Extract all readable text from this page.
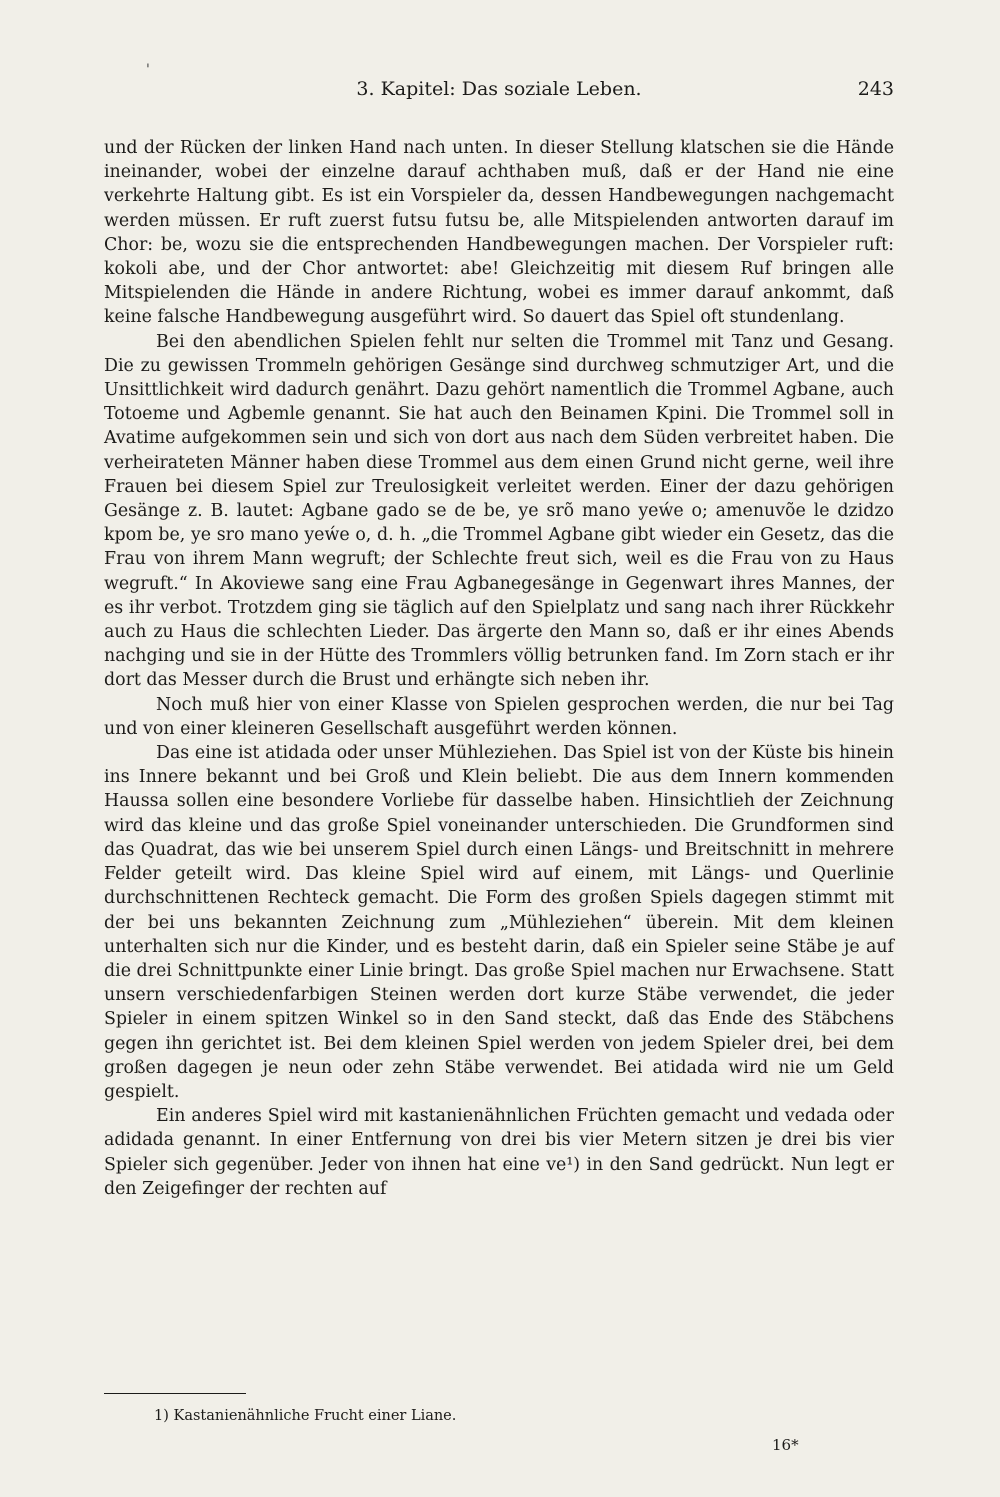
'
3. Kapitel: Das soziale Leben.	243

und der Rücken der linken Hand nach unten. In dieser Stellung klatschen sie die Hände ineinander, wobei der einzelne darauf achthaben muß, daß er der Hand nie eine verkehrte Haltung gibt. Es ist ein Vorspieler da, dessen Handbewegungen nachgemacht werden müssen. Er ruft zuerst futsu futsu be, alle Mitspielenden antworten darauf im Chor: be, wozu sie die entsprechenden Handbewegungen machen. Der Vorspieler ruft: kokoli abe, und der Chor antwortet: abe! Gleichzeitig mit diesem Ruf bringen alle Mitspielenden die Hände in andere Richtung, wobei es immer darauf ankommt, daß keine falsche Handbewegung ausgeführt wird. So dauert das Spiel oft stundenlang.

Bei den abendlichen Spielen fehlt nur selten die Trommel mit Tanz und Gesang. Die zu gewissen Trommeln gehörigen Gesänge sind durchweg schmutziger Art, und die Unsittlichkeit wird dadurch genährt. Dazu gehört namentlich die Trommel Agbane, auch Totoeme und Agbemle genannt. Sie hat auch den Beinamen Kpini. Die Trommel soll in Avatime aufgekommen sein und sich von dort aus nach dem Süden verbreitet haben. Die verheirateten Männer haben diese Trommel aus dem einen Grund nicht gerne, weil ihre Frauen bei diesem Spiel zur Treulosigkeit verleitet werden. Einer der dazu gehörigen Gesänge z. B. lautet: Agbane gado se de be, ye srõ mano yeẃe o; amenuvõe le dzidzo kpom be, ye sro mano yeẃe o, d. h. „die Trommel Agbane gibt wieder ein Gesetz, das die Frau von ihrem Mann wegruft; der Schlechte freut sich, weil es die Frau von zu Haus wegruft.“ In Akoviewe sang eine Frau Agbanegesänge in Gegenwart ihres Mannes, der es ihr verbot. Trotzdem ging sie täglich auf den Spielplatz und sang nach ihrer Rückkehr auch zu Haus die schlechten Lieder. Das ärgerte den Mann so, daß er ihr eines Abends nachging und sie in der Hütte des Trommlers völlig betrunken fand. Im Zorn stach er ihr dort das Messer durch die Brust und erhängte sich neben ihr.

Noch muß hier von einer Klasse von Spielen gesprochen werden, die nur bei Tag und von einer kleineren Gesellschaft ausgeführt werden können.

Das eine ist atidada oder unser Mühleziehen. Das Spiel ist von der Küste bis hinein ins Innere bekannt und bei Groß und Klein beliebt. Die aus dem Innern kommenden Haussa sollen eine besondere Vorliebe für dasselbe haben. Hinsichtlieh der Zeichnung wird das kleine und das große Spiel voneinander unterschieden. Die Grundformen sind das Quadrat, das wie bei unserem Spiel durch einen Längs- und Breitschnitt in mehrere Felder geteilt wird. Das kleine Spiel wird auf einem, mit Längs- und Querlinie durchschnittenen Rechteck gemacht. Die Form des großen Spiels dagegen stimmt mit der bei uns bekannten Zeichnung zum „Mühleziehen“ überein. Mit dem kleinen unterhalten sich nur die Kinder, und es besteht darin, daß ein Spieler seine Stäbe je auf die drei Schnittpunkte einer Linie bringt. Das große Spiel machen nur Erwachsene. Statt unsern verschiedenfarbigen Steinen werden dort kurze Stäbe verwendet, die jeder Spieler in einem spitzen Winkel so in den Sand steckt, daß das Ende des Stäbchens gegen ihn gerichtet ist. Bei dem kleinen Spiel werden von jedem Spieler drei, bei dem großen dagegen je neun oder zehn Stäbe verwendet. Bei atidada wird nie um Geld gespielt.

Ein anderes Spiel wird mit kastanienähnlichen Früchten gemacht und vedada oder adidada genannt. In einer Entfernung von drei bis vier Metern sitzen je drei bis vier Spieler sich gegenüber. Jeder von ihnen hat eine ve¹) in den Sand gedrückt. Nun legt er den Zeigefinger der rechten auf

1) Kastanienähnliche Frucht einer Liane.
16*
